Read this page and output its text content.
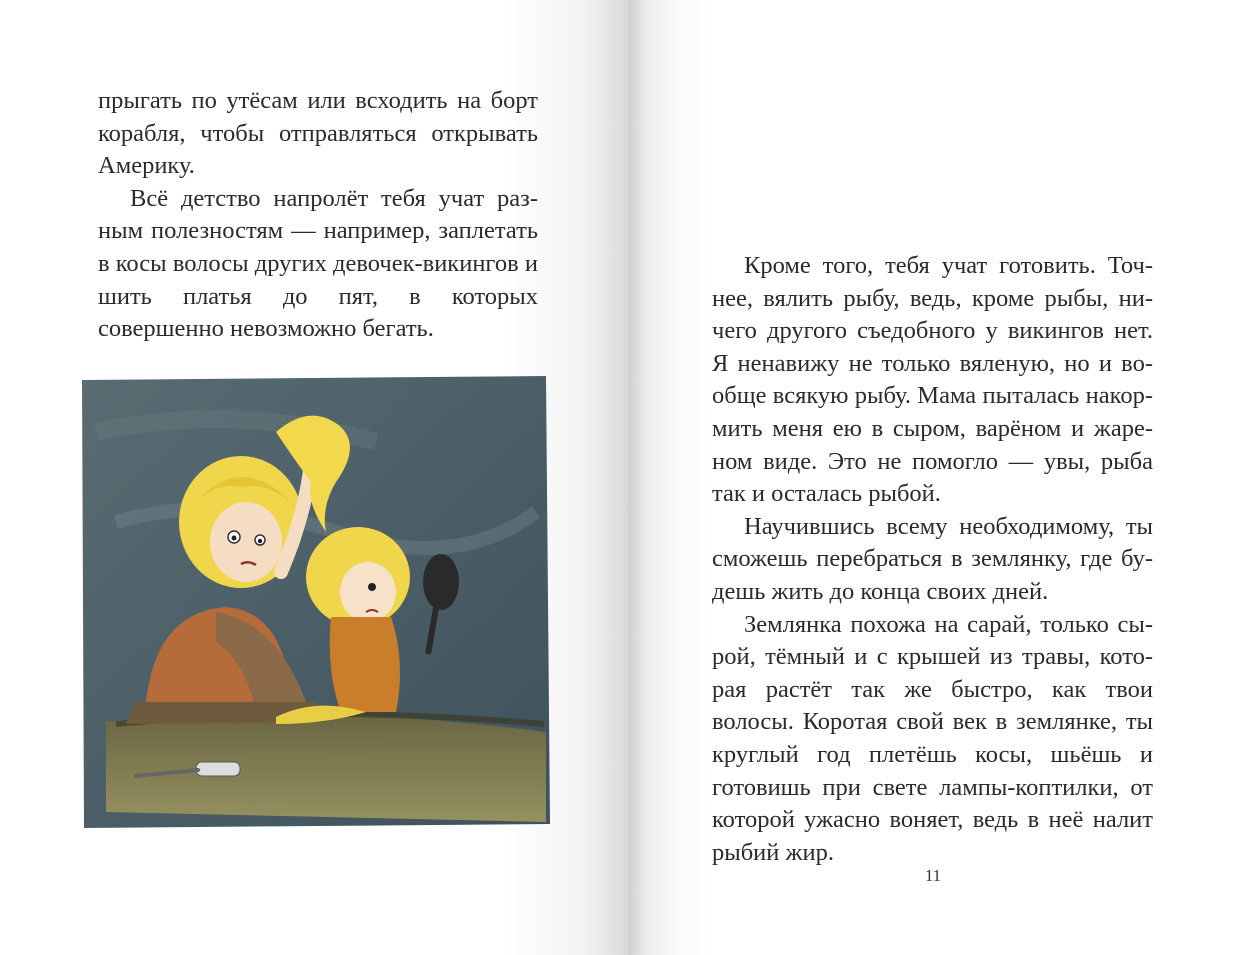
прыгать по утёсам или всходить на борт корабля, чтобы отправляться открывать Америку.

Всё детство напролёт тебя учат разным полезностям — например, заплетать в косы волосы других девочек-викингов и шить платья до пят, в которых совершенно невозможно бегать.

Кроме того, тебя учат готовить. Точнее, вялить рыбу, ведь, кроме рыбы, ничего другого съедобного у викингов нет. Я ненавижу не только вяленую, но и вообще всякую рыбу. Мама пыталась накормить меня ею в сыром, варёном и жареном виде. Это не помогло — увы, рыба так и осталась рыбой.

Научившись всему необходимому, ты сможешь перебраться в землянку, где будешь жить до конца своих дней.

Землянка похожа на сарай, только сырой, тёмный и с крышей из травы, которая растёт так же быстро, как твои волосы. Коротая свой век в землянке, ты круглый год плетёшь косы, шьёшь и готовишь при свете лампы-коптилки, от которой ужасно воняет, ведь в неё налит рыбий жир.

11
